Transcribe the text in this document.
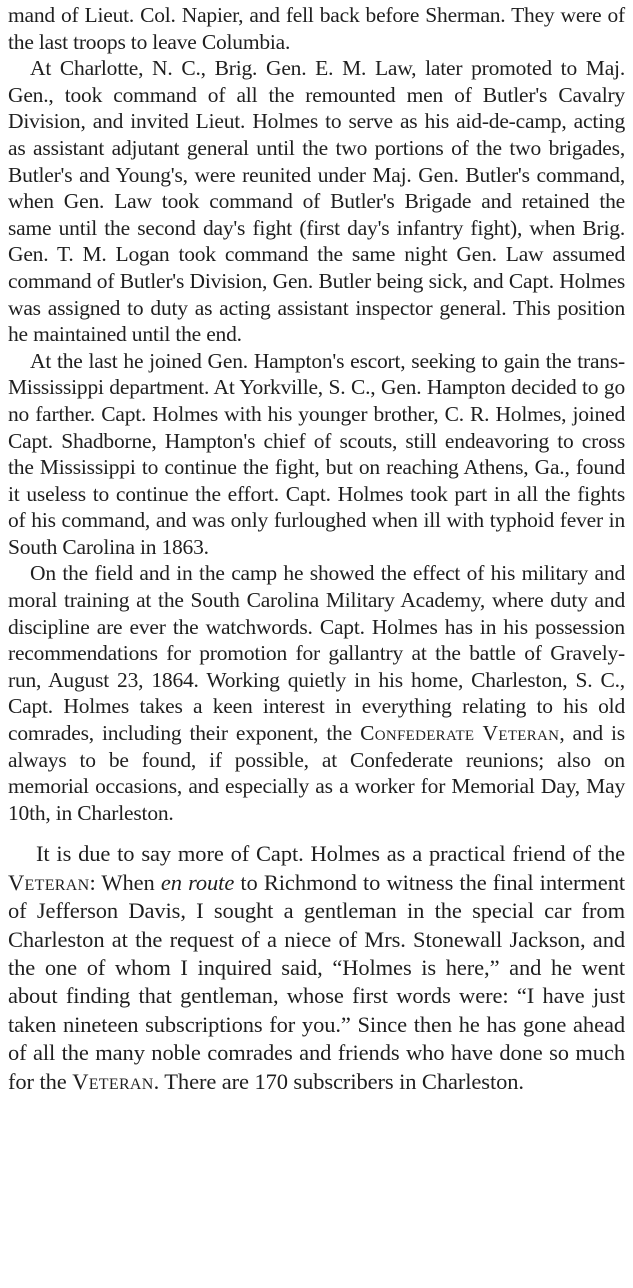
mand of Lieut. Col. Napier, and fell back before Sherman. They were of the last troops to leave Columbia.

At Charlotte, N. C., Brig. Gen. E. M. Law, later promoted to Maj. Gen., took command of all the remounted men of Butler's Cavalry Division, and invited Lieut. Holmes to serve as his aid-de-camp, acting as assistant adjutant general until the two portions of the two brigades, Butler's and Young's, were reunited under Maj. Gen. Butler's command, when Gen. Law took command of Butler's Brigade and retained the same until the second day's fight (first day's infantry fight), when Brig. Gen. T. M. Logan took command the same night Gen. Law assumed command of Butler's Division, Gen. Butler being sick, and Capt. Holmes was assigned to duty as acting assistant inspector general. This position he maintained until the end.

At the last he joined Gen. Hampton's escort, seeking to gain the trans-Mississippi department. At Yorkville, S. C., Gen. Hampton decided to go no farther. Capt. Holmes with his younger brother, C. R. Holmes, joined Capt. Shadborne, Hampton's chief of scouts, still endeavoring to cross the Mississippi to continue the fight, but on reaching Athens, Ga., found it useless to continue the effort. Capt. Holmes took part in all the fights of his command, and was only furloughed when ill with typhoid fever in South Carolina in 1863.

On the field and in the camp he showed the effect of his military and moral training at the South Carolina Military Academy, where duty and discipline are ever the watchwords. Capt. Holmes has in his possession recommendations for promotion for gallantry at the battle of Gravely-run, August 23, 1864. Working quietly in his home, Charleston, S. C., Capt. Holmes takes a keen interest in everything relating to his old comrades, including their exponent, the Confederate Veteran, and is always to be found, if possible, at Confederate reunions; also on memorial occasions, and especially as a worker for Memorial Day, May 10th, in Charleston.

It is due to say more of Capt. Holmes as a practical friend of the Veteran: When en route to Richmond to witness the final interment of Jefferson Davis, I sought a gentleman in the special car from Charleston at the request of a niece of Mrs. Stonewall Jackson, and the one of whom I inquired said, “Holmes is here,” and he went about finding that gentleman, whose first words were: “I have just taken nineteen subscriptions for you.” Since then he has gone ahead of all the many noble comrades and friends who have done so much for the Veteran. There are 170 subscribers in Charleston.
